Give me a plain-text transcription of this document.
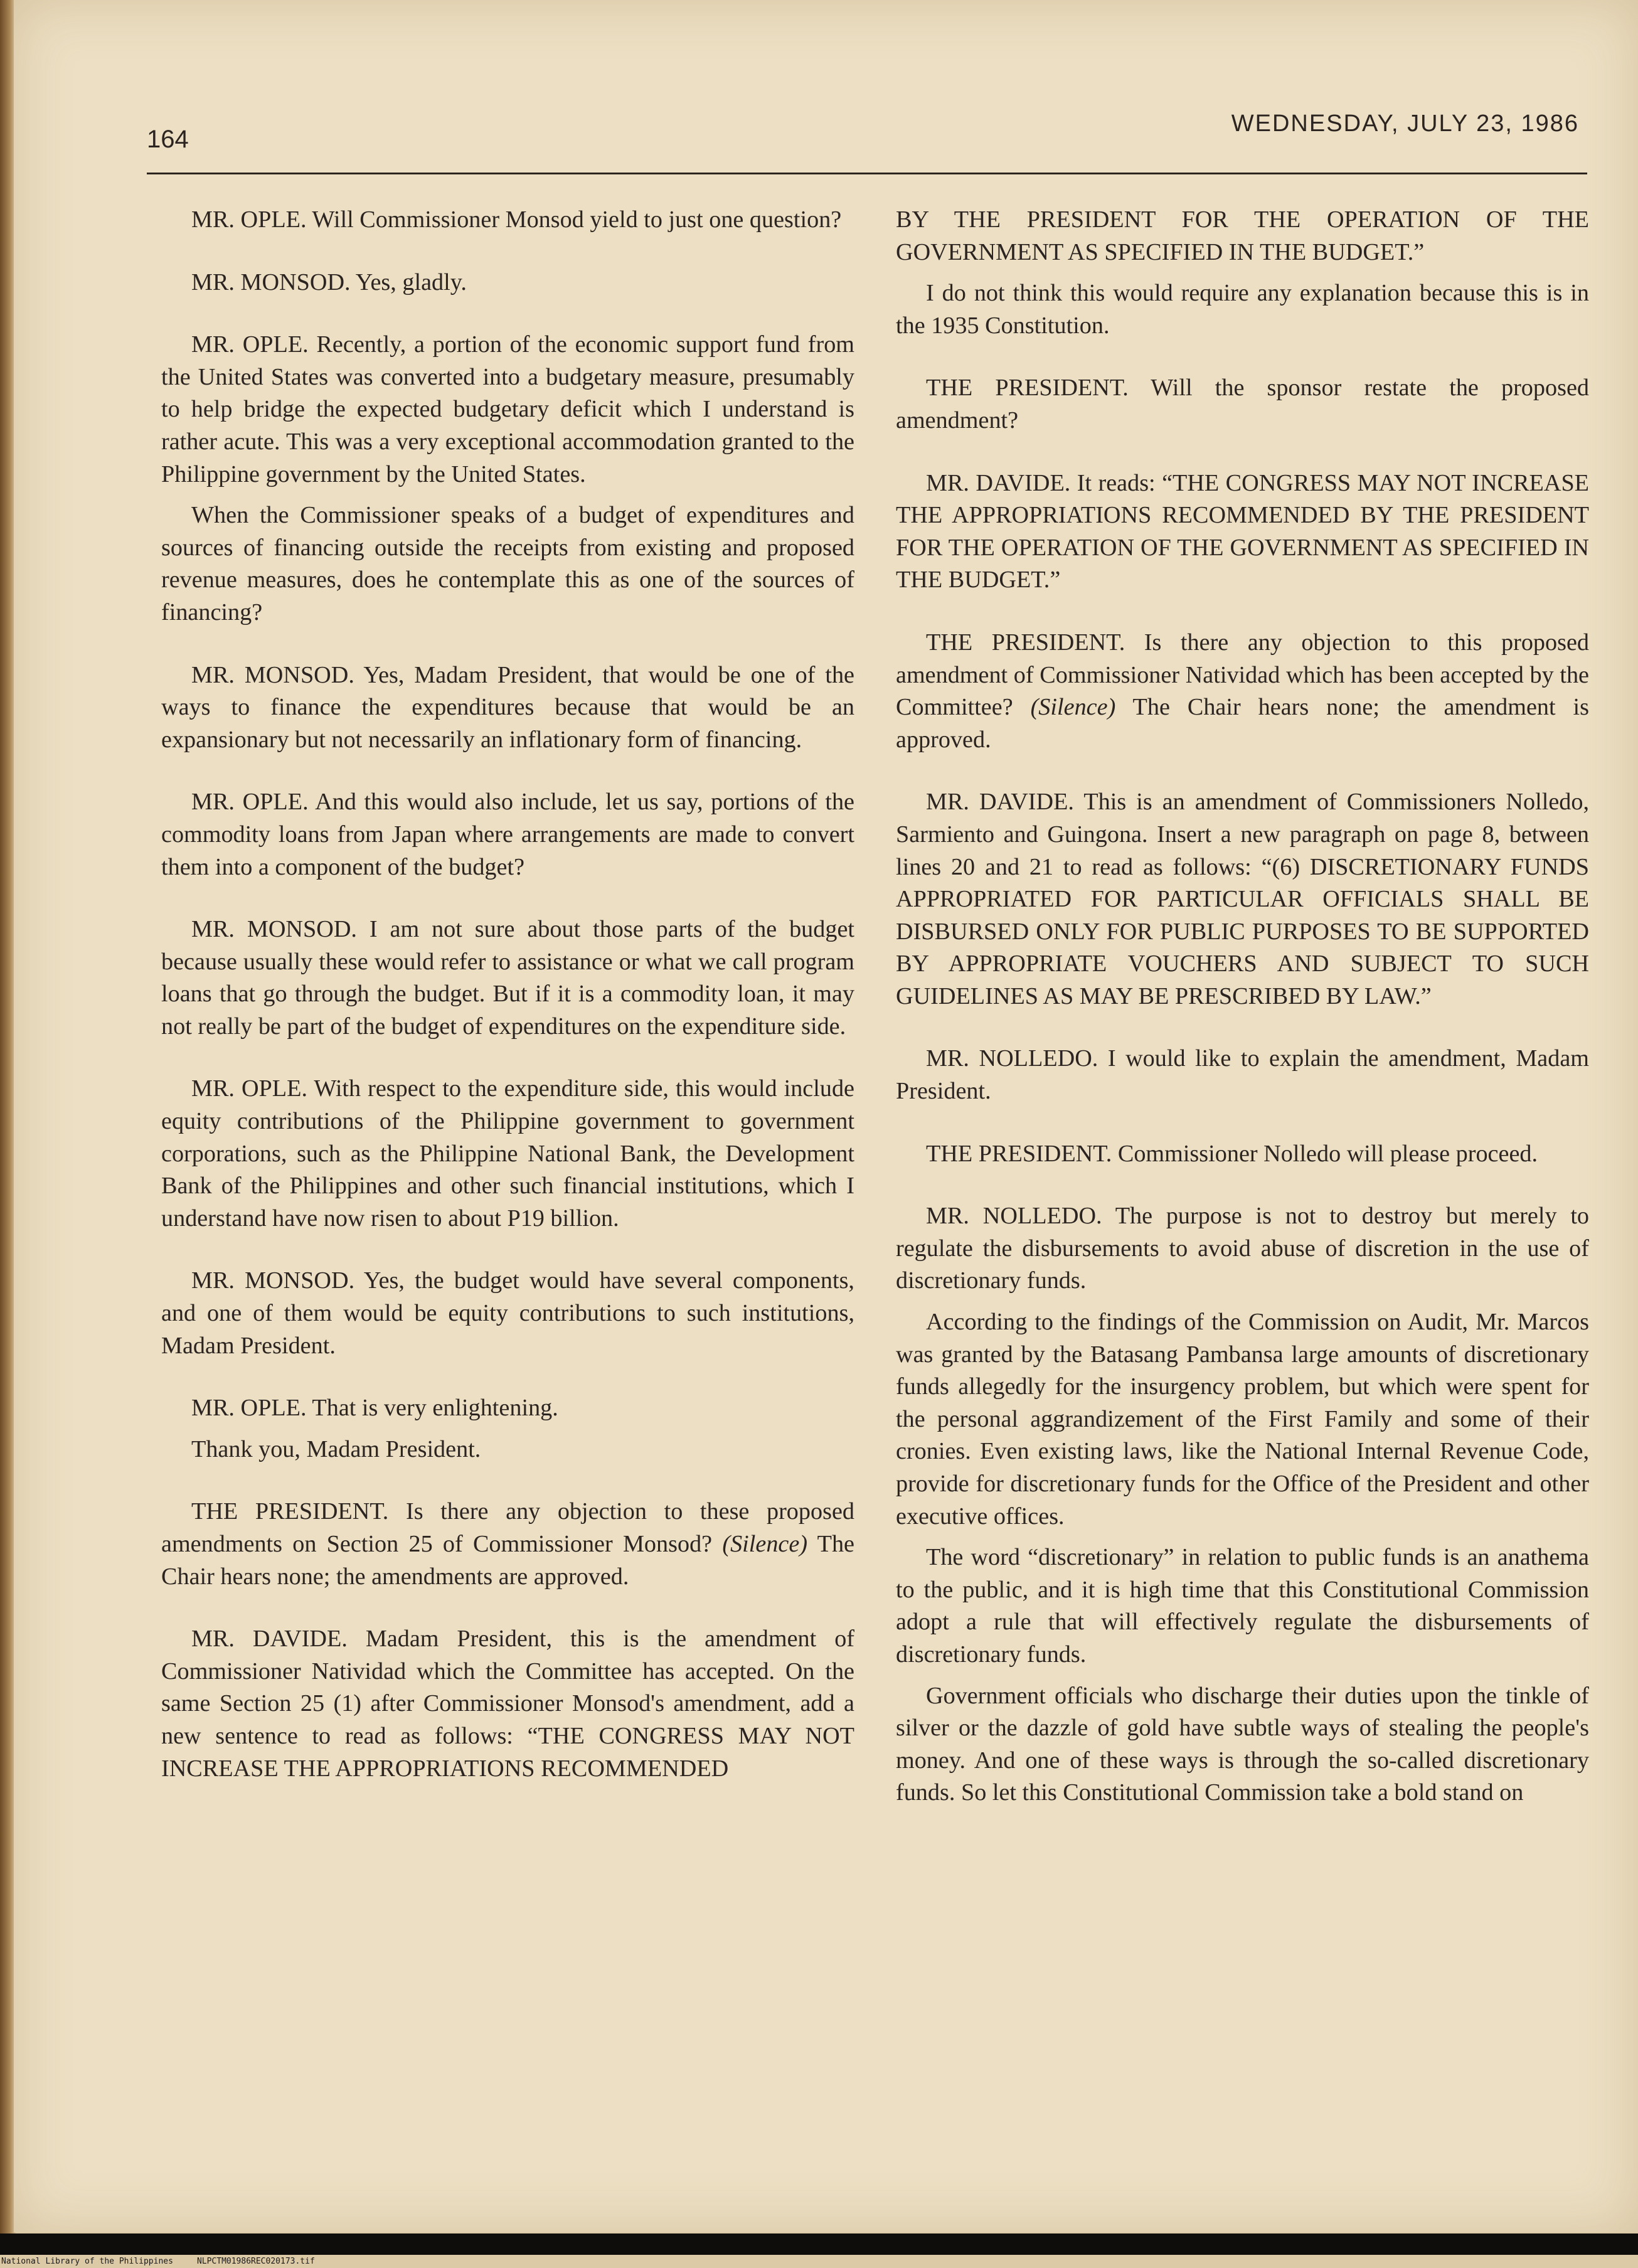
164
WEDNESDAY, JULY 23, 1986

MR. OPLE. Will Commissioner Monsod yield to just one question?

MR. MONSOD. Yes, gladly.

MR. OPLE. Recently, a portion of the economic support fund from the United States was converted into a budgetary measure, presumably to help bridge the expected budgetary deficit which I understand is rather acute. This was a very exceptional accommodation granted to the Philippine government by the United States.

When the Commissioner speaks of a budget of expenditures and sources of financing outside the receipts from existing and proposed revenue measures, does he contemplate this as one of the sources of financing?

MR. MONSOD. Yes, Madam President, that would be one of the ways to finance the expenditures because that would be an expansionary but not necessarily an inflationary form of financing.

MR. OPLE. And this would also include, let us say, portions of the commodity loans from Japan where arrangements are made to convert them into a component of the budget?

MR. MONSOD. I am not sure about those parts of the budget because usually these would refer to assistance or what we call program loans that go through the budget. But if it is a commodity loan, it may not really be part of the budget of expenditures on the expenditure side.

MR. OPLE. With respect to the expenditure side, this would include equity contributions of the Philippine government to government corporations, such as the Philippine National Bank, the Development Bank of the Philippines and other such financial institutions, which I understand have now risen to about P19 billion.

MR. MONSOD. Yes, the budget would have several components, and one of them would be equity contributions to such institutions, Madam President.

MR. OPLE. That is very enlightening.

Thank you, Madam President.

THE PRESIDENT. Is there any objection to these proposed amendments on Section 25 of Commissioner Monsod? (Silence) The Chair hears none; the amendments are approved.

MR. DAVIDE. Madam President, this is the amendment of Commissioner Natividad which the Committee has accepted. On the same Section 25 (1) after Commissioner Monsod's amendment, add a new sentence to read as follows: “THE CONGRESS MAY NOT INCREASE THE APPROPRIATIONS RECOMMENDED

BY THE PRESIDENT FOR THE OPERATION OF THE GOVERNMENT AS SPECIFIED IN THE BUDGET.”

I do not think this would require any explanation because this is in the 1935 Constitution.

THE PRESIDENT. Will the sponsor restate the proposed amendment?

MR. DAVIDE. It reads: “THE CONGRESS MAY NOT INCREASE THE APPROPRIATIONS RECOMMENDED BY THE PRESIDENT FOR THE OPERATION OF THE GOVERNMENT AS SPECIFIED IN THE BUDGET.”

THE PRESIDENT. Is there any objection to this proposed amendment of Commissioner Natividad which has been accepted by the Committee? (Silence) The Chair hears none; the amendment is approved.

MR. DAVIDE. This is an amendment of Commissioners Nolledo, Sarmiento and Guingona. Insert a new paragraph on page 8, between lines 20 and 21 to read as follows: “(6) DISCRETIONARY FUNDS APPROPRIATED FOR PARTICULAR OFFICIALS SHALL BE DISBURSED ONLY FOR PUBLIC PURPOSES TO BE SUPPORTED BY APPROPRIATE VOUCHERS AND SUBJECT TO SUCH GUIDELINES AS MAY BE PRESCRIBED BY LAW.”

MR. NOLLEDO. I would like to explain the amendment, Madam President.

THE PRESIDENT. Commissioner Nolledo will please proceed.

MR. NOLLEDO. The purpose is not to destroy but merely to regulate the disbursements to avoid abuse of discretion in the use of discretionary funds.

According to the findings of the Commission on Audit, Mr. Marcos was granted by the Batasang Pambansa large amounts of discretionary funds allegedly for the insurgency problem, but which were spent for the personal aggrandizement of the First Family and some of their cronies. Even existing laws, like the National Internal Revenue Code, provide for discretionary funds for the Office of the President and other executive offices.

The word “discretionary” in relation to public funds is an anathema to the public, and it is high time that this Constitutional Commission adopt a rule that will effectively regulate the disbursements of discretionary funds.

Government officials who discharge their duties upon the tinkle of silver or the dazzle of gold have subtle ways of stealing the people's money. And one of these ways is through the so-called discretionary funds. So let this Constitutional Commission take a bold stand on

National Library of the Philippines	NLPCTM01986REC020173.tif
